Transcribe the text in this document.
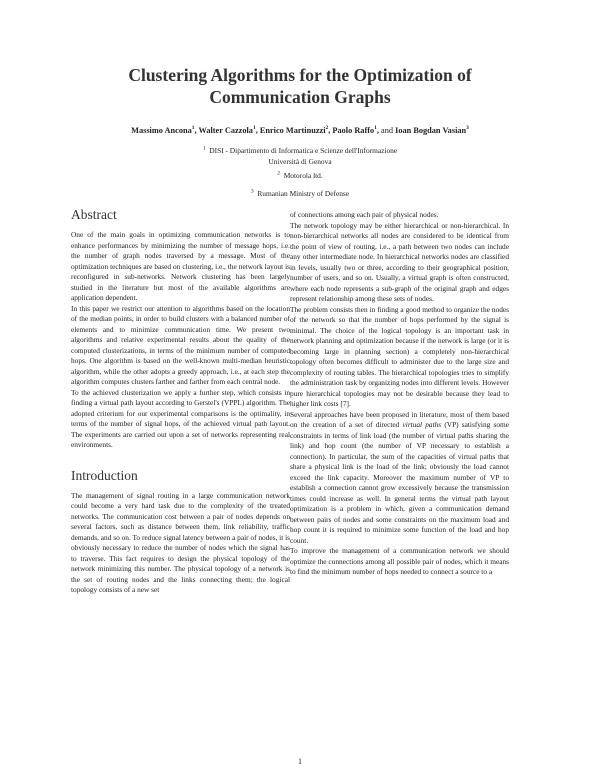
Clustering Algorithms for the Optimization of
Communication Graphs
Massimo Ancona$^1$, Walter Cazzola$^1$, Enrico Martinuzzi$^2$, Paolo Raffo$^1$, and Ioan Bogdan Vasian$^3$
$^1$ DISI - Dipartimento di Informatica e Scienze dell'Informazione
Università di Genova
$^2$ Motorola ltd.
$^3$ Rumanian Ministry of Defense
Abstract

One of the main goals in optimizing communication networks is to enhance performances by minimizing the number of message hops, i.e. the number of graph nodes traversed by a message. Most of the optimization techniques are based on clustering, i.e., the network layout is reconfigured in sub-networks. Network clustering has been largely studied in the literature but most of the available algorithms are application dependent.

In this paper we restrict our attention to algorithms based on the location of the median points, in order to build clusters with a balanced number of elements and to minimize communication time. We present two algorithms and relative experimental results about the quality of the computed clusterizations, in terms of the minimum number of computed hops. One algorithm is based on the well-known multi-median heuristic algorithm, while the other adopts a greedy approach, i.e., at each step the algorithm computes clusters farther and farther from each central node.

To the achieved clusterization we apply a further step, which consists in finding a virtual path layout according to Gerstel's (VPPL) algorithm. The adopted criterium for our experimental comparisons is the optimality, in terms of the number of signal hops, of the achieved virtual path layout. The experiments are carried out upon a set of networks representing real environments.

Introduction

The management of signal routing in a large communication network could become a very hard task due to the complexity of the treated networks. The communication cost between a pair of nodes depends on several factors, such as distance between them, link reliability, traffic demands, and so on. To reduce signal latency between a pair of nodes, it is obviously necessary to reduce the number of nodes which the signal has to traverse. This fact requires to design the physical topology of the network minimizing this number. The physical topology of a network is the set of routing nodes and the links connecting them; the logical topology consists of a new set

of connections among each pair of physical nodes.

The network topology may be either hierarchical or non-hierarchical. In non-hierarchical networks all nodes are considered to be identical from the point of view of routing, i.e., a path between two nodes can include any other intermediate node. In hierarchical networks nodes are classified in levels, usually two or three, according to their geographical position, number of users, and so on. Usually, a virtual graph is often constructed, where each node represents a sub-graph of the original graph and edges represent relationship among these sets of nodes.

The problem consists then in finding a good method to organize the nodes of the network so that the number of hops performed by the signal is minimal. The choice of the logical topology is an important task in network planning and optimization because if the network is large (or it is becoming large in planning section) a completely non-hierarchical topology often becomes difficult to administer due to the large size and complexity of routing tables. The hierarchical topologies tries to simplify the administration task by organizing nodes into different levels. However pure hierarchical topologies may not be desirable because they lead to higher link costs [7].

Several approaches have been proposed in literature, most of them based on the creation of a set of directed virtual paths (VP) satisfying some constraints in terms of link load (the number of virtual paths sharing the link) and hop count (the number of VP necessary to establish a connection). In particular, the sum of the capacities of virtual paths that share a physical link is the load of the link; obviously the load cannot exceed the link capacity. Moreover the maximum number of VP to establish a connection cannot grow excessively because the transmission times could increase as well. In general terms the virtual path layout optimization is a problem in which, given a communication demand between pairs of nodes and some constraints on the maximum load and hop count it is required to minimize some function of the load and hop count.

To improve the management of a communication network we should optimize the connections among all possible pair of nodes, which it means to find the minimum number of hops needed to connect a source to a

1
